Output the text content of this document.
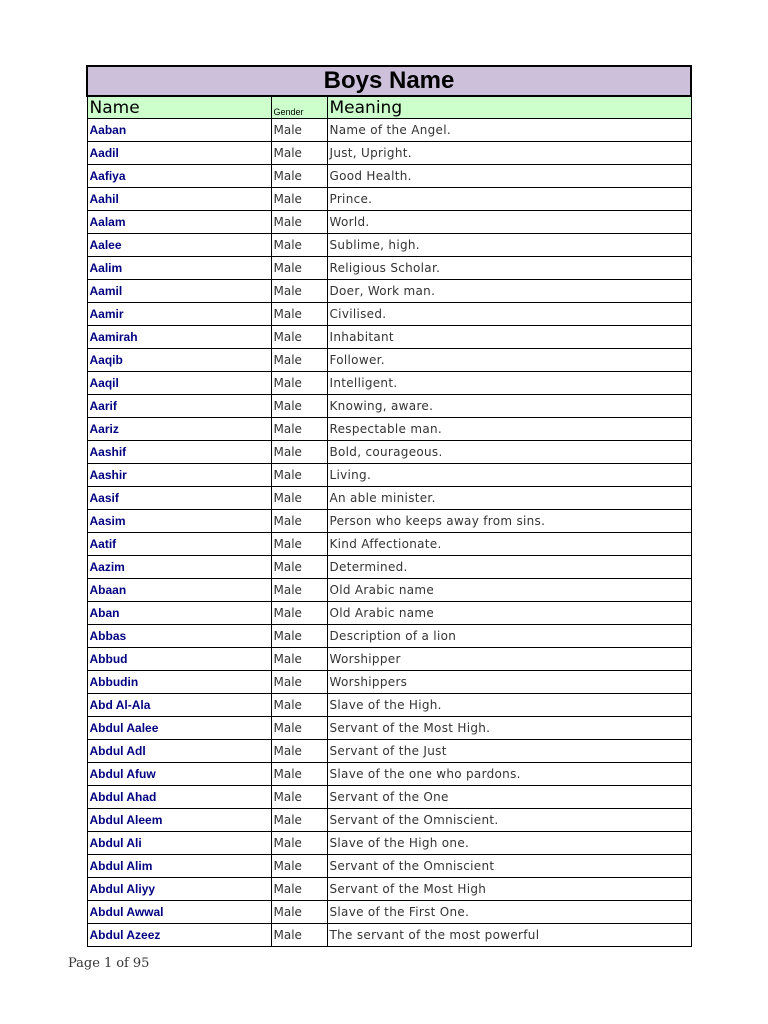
Boys Name		
Name	Gender	Meaning
Aaban	Male	Name of the Angel.
Aadil	Male	Just, Upright.
Aafiya	Male	Good Health.
Aahil	Male	Prince.
Aalam	Male	World.
Aalee	Male	Sublime, high.
Aalim	Male	Religious Scholar.
Aamil	Male	Doer, Work man.
Aamir	Male	Civilised.
Aamirah	Male	Inhabitant
Aaqib	Male	Follower.
Aaqil	Male	Intelligent.
Aarif	Male	Knowing, aware.
Aariz	Male	Respectable man.
Aashif	Male	Bold, courageous.
Aashir	Male	Living.
Aasif	Male	An able minister.
Aasim	Male	Person who keeps away from sins.
Aatif	Male	Kind Affectionate.
Aazim	Male	Determined.
Abaan	Male	Old Arabic name
Aban	Male	Old Arabic name
Abbas	Male	Description of a lion
Abbud	Male	Worshipper
Abbudin	Male	Worshippers
Abd Al-Ala	Male	Slave of the High.
Abdul Aalee	Male	Servant of the Most High.
Abdul Adl	Male	Servant of the Just
Abdul Afuw	Male	Slave of the one who pardons.
Abdul Ahad	Male	Servant of the One
Abdul Aleem	Male	Servant of the Omniscient.
Abdul Ali	Male	Slave of the High one.
Abdul Alim	Male	Servant of the Omniscient
Abdul Aliyy	Male	Servant of the Most High
Abdul Awwal	Male	Slave of the First One.
Abdul Azeez	Male	The servant of the most powerful
Page 1 of 95
